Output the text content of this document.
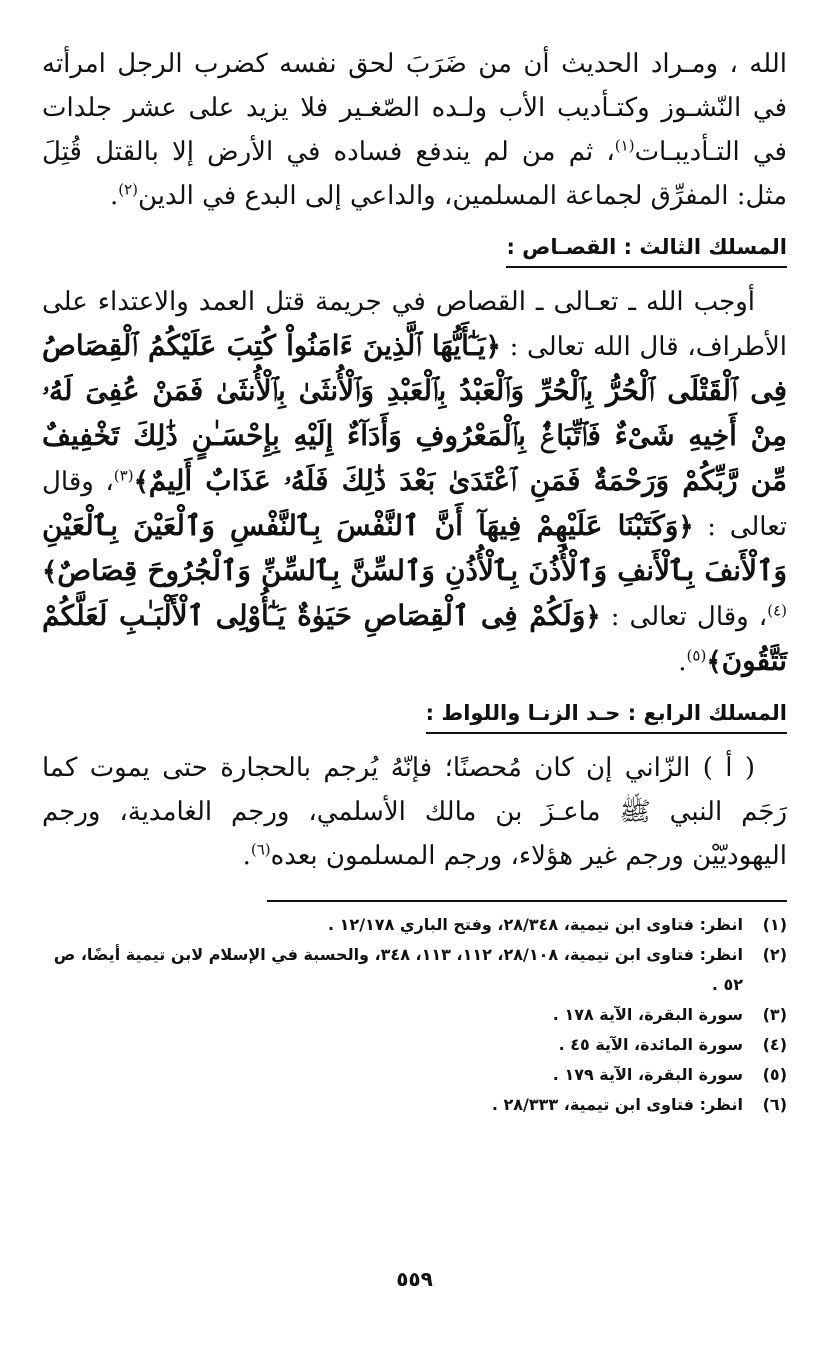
الله ، ومـراد الحديث أن من ضَرَبَ لحق نفسه كضرب الرجل امرأته في النّشـوز وكتـأديب الأب ولـده الصّغـير فلا يزيد على عشر جلدات في التـأديبـات$^{(١)}$، ثم من لم يندفع فساده في الأرض إلا بالقتل قُتِلَ مثل: المفرِّق لجماعة المسلمين، والداعي إلى البدع في الدين$^{(٢)}$.

المسلك الثالث : القصـاص :

أوجب الله ـ تعـالى ـ القصاص في جريمة قتل العمد والاعتداء على الأطراف، قال الله تعالى : ﴿يَـٰٓأَيُّهَا ٱلَّذِينَ ءَامَنُواْ كُتِبَ عَلَيْكُمُ ٱلْقِصَاصُ فِى ٱلْقَتْلَى ٱلْحُرُّ بِٱلْحُرِّ وَٱلْعَبْدُ بِٱلْعَبْدِ وَٱلْأُنثَىٰ بِٱلْأُنثَىٰ فَمَنْ عُفِىَ لَهُۥ مِنْ أَخِيهِ شَىْءٌ فَٱتِّبَاعٌۢ بِٱلْمَعْرُوفِ وَأَدَآءٌ إِلَيْهِ بِإِحْسَـٰنٍ ذَٰلِكَ تَخْفِيفٌ مِّن رَّبِّكُمْ وَرَحْمَةٌ فَمَنِ ٱعْتَدَىٰ بَعْدَ ذَٰلِكَ فَلَهُۥ عَذَابٌ أَلِيمٌ﴾$^{(٣)}$، وقال تعالى : ﴿وَكَتَبْنَا عَلَيْهِمْ فِيهَآ أَنَّ ٱلنَّفْسَ بِٱلنَّفْسِ وَٱلْعَيْنَ بِٱلْعَيْنِ وَٱلْأَنفَ بِٱلْأَنفِ وَٱلْأُذُنَ بِٱلْأُذُنِ وَٱلسِّنَّ بِٱلسِّنِّ وَٱلْجُرُوحَ قِصَاصٌ﴾$^{(٤)}$، وقال تعالى : ﴿وَلَكُمْ فِى ٱلْقِصَاصِ حَيَوٰةٌ يَـٰٓأُوْلِى ٱلْأَلْبَـٰبِ لَعَلَّكُمْ تَتَّقُونَ﴾$^{(٥)}$.

المسلك الرابع : حـد الزنـا واللواط :

( أ ) الزّاني إن كان مُحصنًا؛ فإنّهُ يُرجم بالحجارة حتى يموت كما رَجَم النبي ﷺ ماعـزَ بن مالك الأسلمي، ورجم الغامدية، ورجم اليهوديّيْن ورجم غير هؤلاء، ورجم المسلمون بعده$^{(٦)}$.

(١)
انظر: فتاوى ابن تيمية، ٢٨/٣٤٨، وفتح الباري ١٢/١٧٨ .
(٢)
انظر: فتاوى ابن تيمية، ٢٨/١٠٨، ١١٢، ١١٣، ٣٤٨، والحسبة في الإسلام لابن تيمية أيضًا، ص ٥٢ .
(٣)
سورة البقرة، الآية ١٧٨ .
(٤)
سورة المائدة، الآية ٤٥ .
(٥)
سورة البقرة، الآية ١٧٩ .
(٦)
انظر: فتاوى ابن تيمية، ٢٨/٣٣٣ .
٥٥٩
